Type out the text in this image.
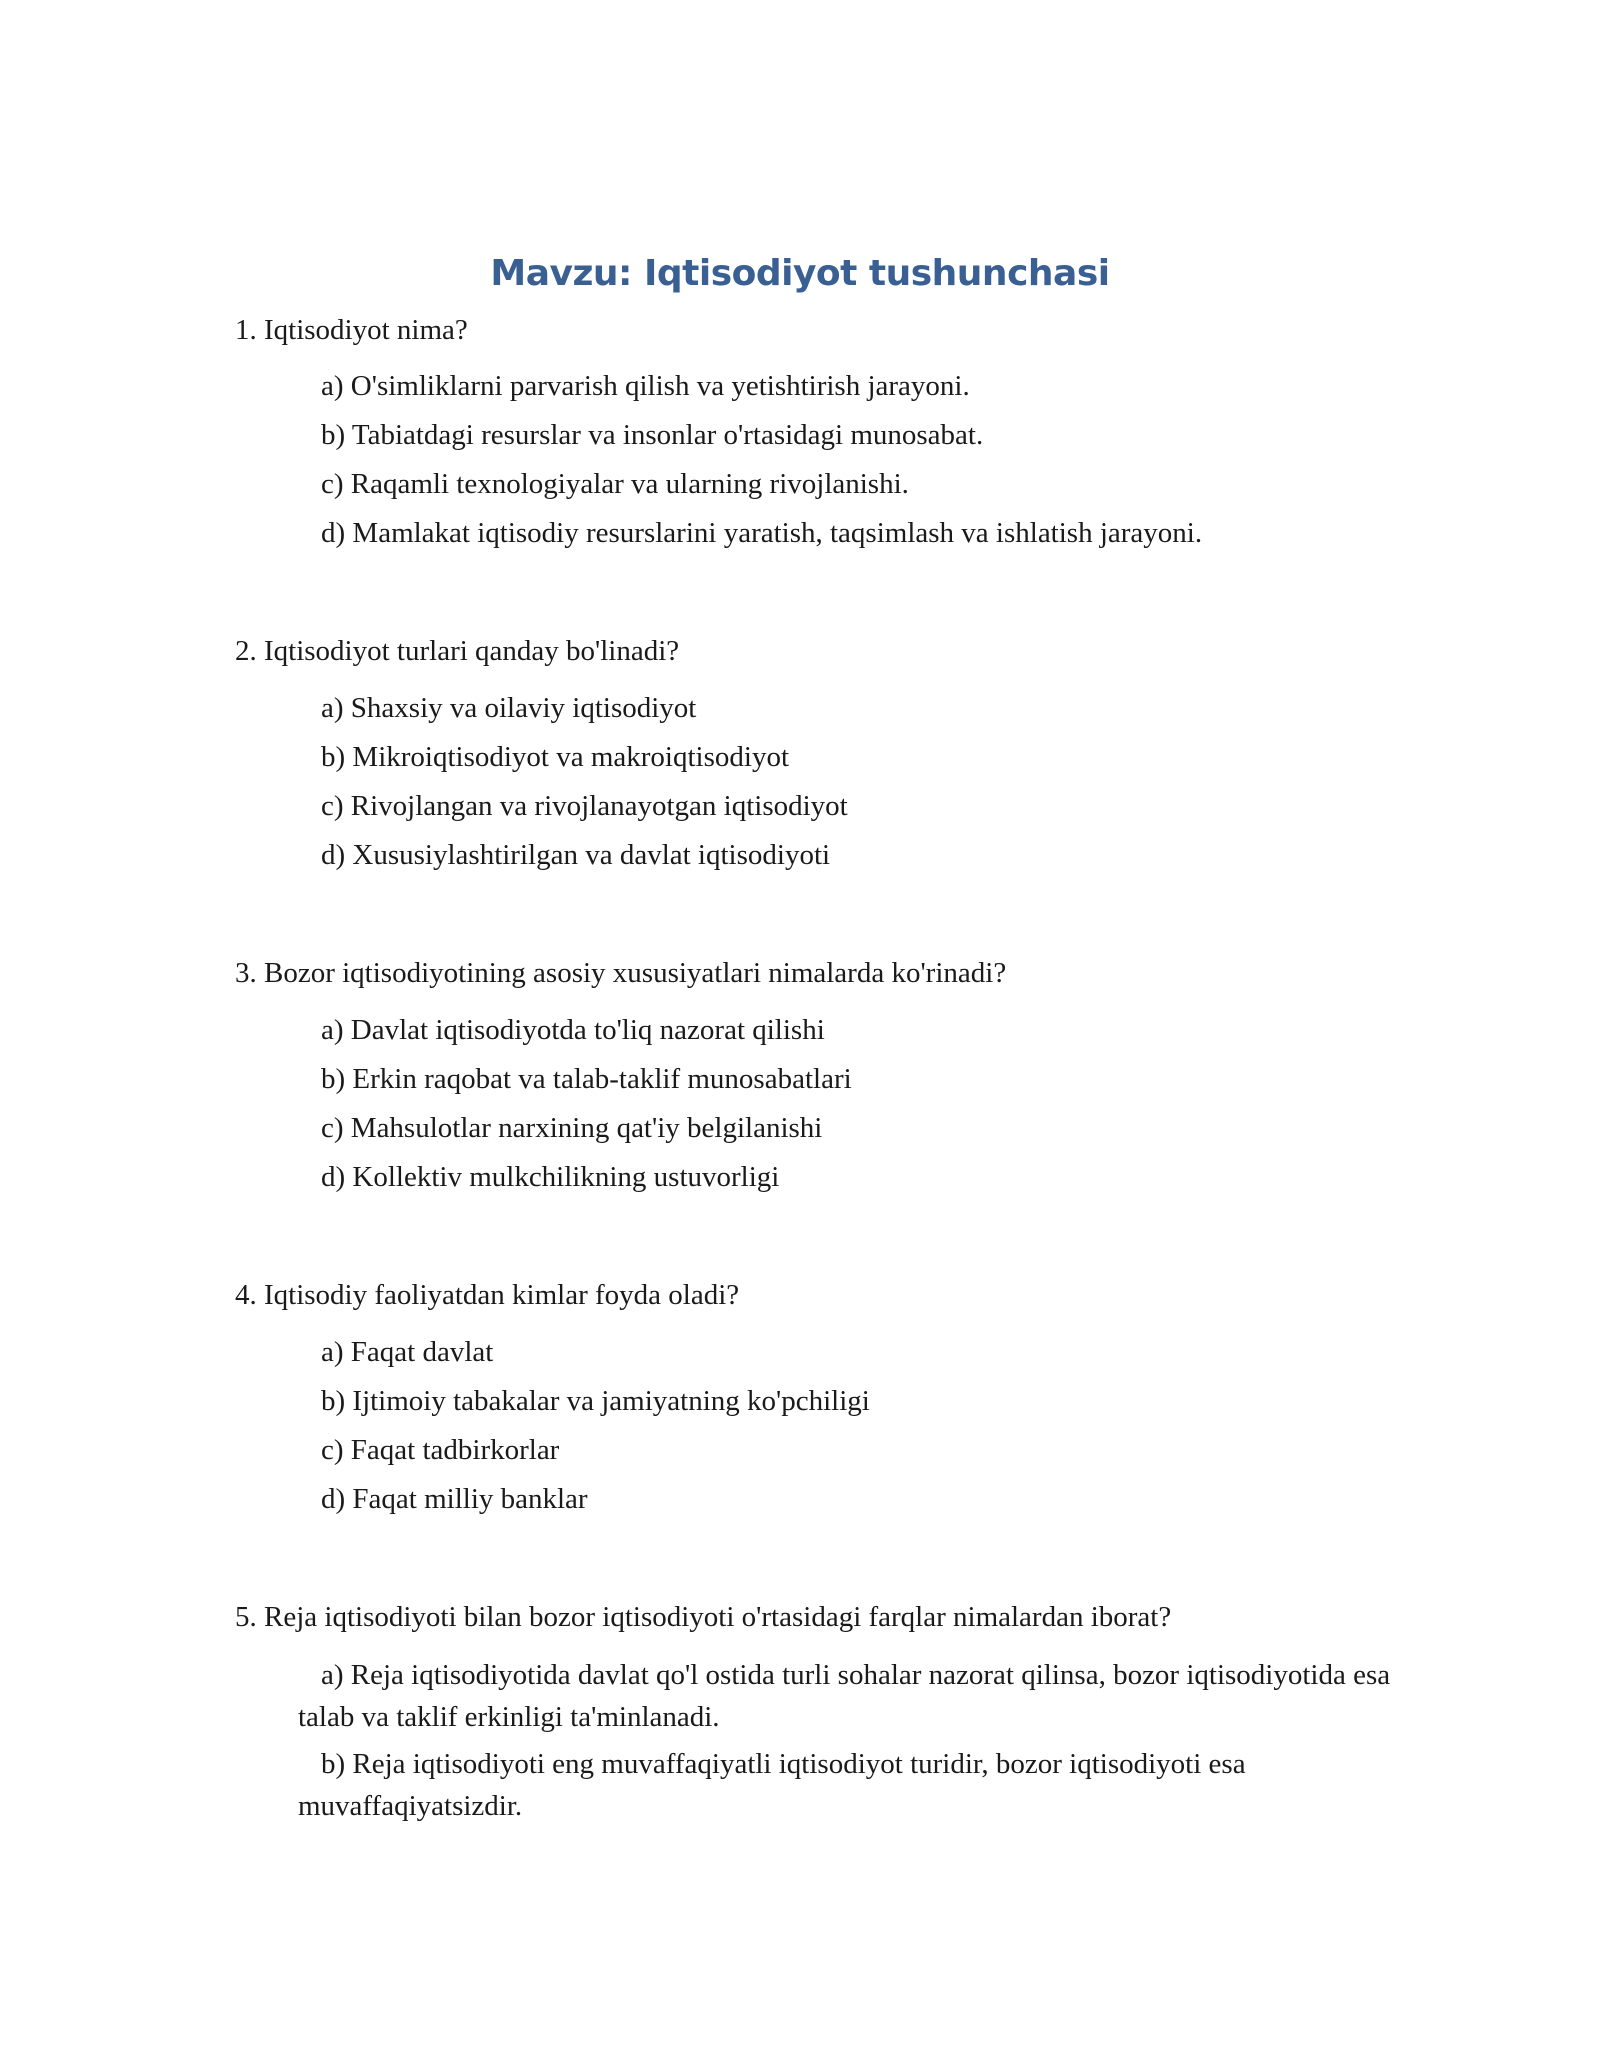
Mavzu: Iqtisodiyot tushunchasi

1. Iqtisodiyot nima?

a) O'simliklarni parvarish qilish va yetishtirish jarayoni.

b) Tabiatdagi resurslar va insonlar o'rtasidagi munosabat.

c) Raqamli texnologiyalar va ularning rivojlanishi.

d) Mamlakat iqtisodiy resurslarini yaratish, taqsimlash va ishlatish jarayoni.

2. Iqtisodiyot turlari qanday bo'linadi?

a) Shaxsiy va oilaviy iqtisodiyot

b) Mikroiqtisodiyot va makroiqtisodiyot

c) Rivojlangan va rivojlanayotgan iqtisodiyot

d) Xususiylashtirilgan va davlat iqtisodiyoti

3. Bozor iqtisodiyotining asosiy xususiyatlari nimalarda ko'rinadi?

a) Davlat iqtisodiyotda to'liq nazorat qilishi

b) Erkin raqobat va talab-taklif munosabatlari

c) Mahsulotlar narxining qat'iy belgilanishi

d) Kollektiv mulkchilikning ustuvorligi

4. Iqtisodiy faoliyatdan kimlar foyda oladi?

a) Faqat davlat

b) Ijtimoiy tabakalar va jamiyatning ko'pchiligi

c) Faqat tadbirkorlar

d) Faqat milliy banklar

5. Reja iqtisodiyoti bilan bozor iqtisodiyoti o'rtasidagi farqlar nimalardan iborat?

a) Reja iqtisodiyotida davlat qo'l ostida turli sohalar nazorat qilinsa, bozor iqtisodiyotida esa talab va taklif erkinligi ta'minlanadi.

b) Reja iqtisodiyoti eng muvaffaqiyatli iqtisodiyot turidir, bozor iqtisodiyoti esa muvaffaqiyatsizdir.
